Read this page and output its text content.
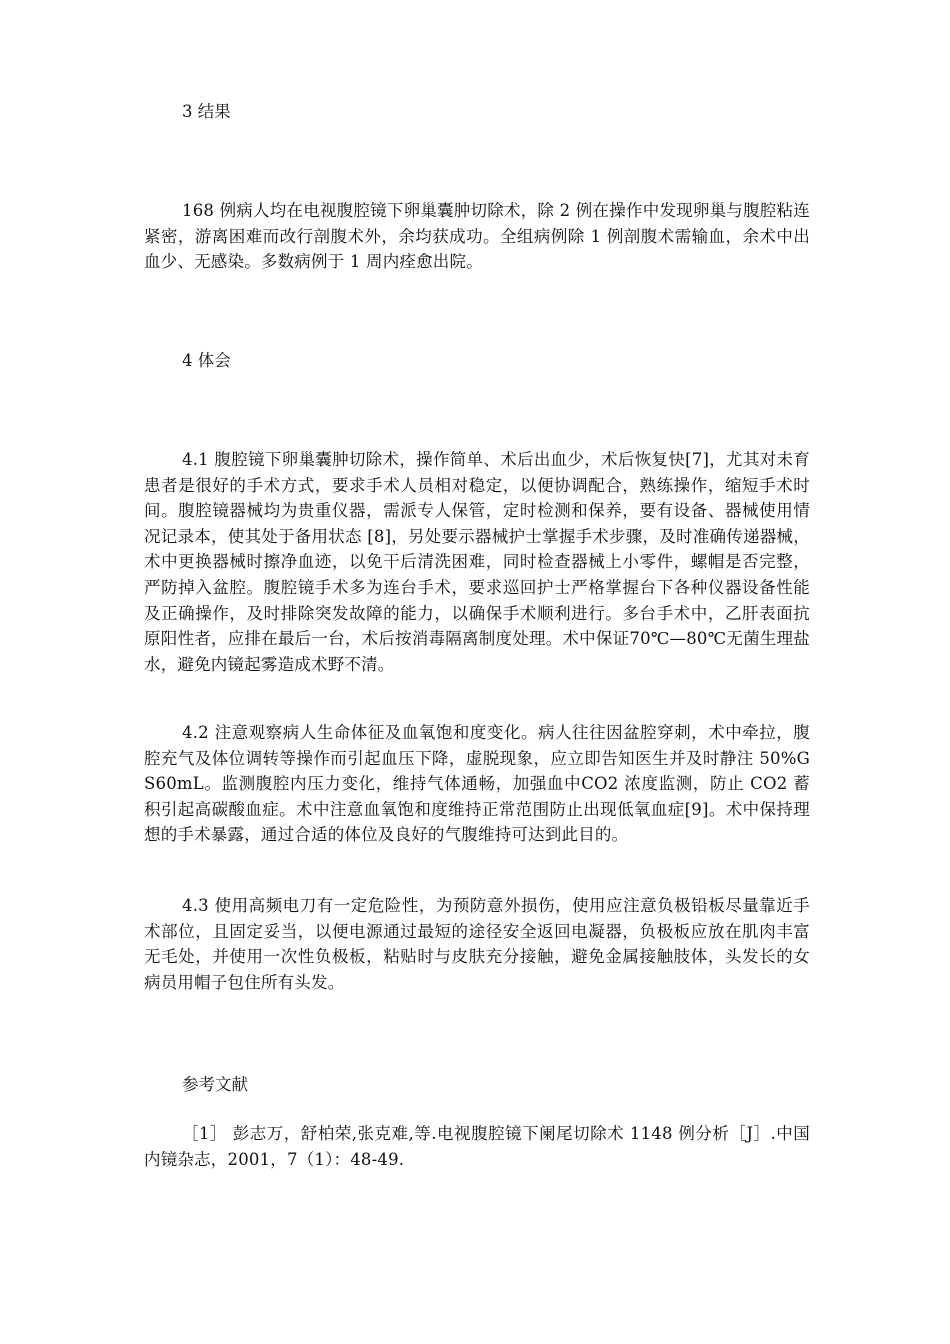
3 结果

168 例病人均在电视腹腔镜下卵巢囊肿切除术，除 2 例在操作中发现卵巢与腹腔粘连紧密，游离困难而改行剖腹术外，余均获成功。全组病例除 1 例剖腹术需输血，余术中出血少、无感染。多数病例于 1 周内痊愈出院。

4 体会

4.1 腹腔镜下卵巢囊肿切除术，操作简单、术后出血少，术后恢复快[7]，尤其对未育患者是很好的手术方式，要求手术人员相对稳定，以便协调配合，熟练操作，缩短手术时间。腹腔镜器械均为贵重仪器，需派专人保管，定时检测和保养，要有设备、器械使用情况记录本，使其处于备用状态 [8]，另处要示器械护士掌握手术步骤，及时准确传递器械，术中更换器械时擦净血迹，以免干后清洗困难，同时检查器械上小零件，螺帽是否完整，严防掉入盆腔。腹腔镜手术多为连台手术，要求巡回护士严格掌握台下各种仪器设备性能及正确操作，及时排除突发故障的能力，以确保手术顺利进行。多台手术中，乙肝表面抗原阳性者，应排在最后一台，术后按消毒隔离制度处理。术中保证70℃—80℃无菌生理盐水，避免内镜起雾造成术野不清。

4.2 注意观察病人生命体征及血氧饱和度变化。病人往往因盆腔穿刺，术中牵拉，腹腔充气及体位调转等操作而引起血压下降，虚脱现象，应立即告知医生并及时静注 50%GS60mL。监测腹腔内压力变化，维持气体通畅，加强血中CO2 浓度监测，防止 CO2 蓄积引起高碳酸血症。术中注意血氧饱和度维持正常范围防止出现低氧血症[9]。术中保持理想的手术暴露，通过合适的体位及良好的气腹维持可达到此目的。

4.3 使用高频电刀有一定危险性，为预防意外损伤，使用应注意负极铅板尽量靠近手术部位，且固定妥当，以便电源通过最短的途径安全返回电凝器，负极板应放在肌肉丰富无毛处，并使用一次性负极板，粘贴时与皮肤充分接触，避免金属接触肢体，头发长的女病员用帽子包住所有头发。

参考文献

［1］ 彭志万，舒柏荣,张克难,等.电视腹腔镜下阑尾切除术 1148 例分析［J］.中国内镜杂志，2001，7（1）：48-49.
